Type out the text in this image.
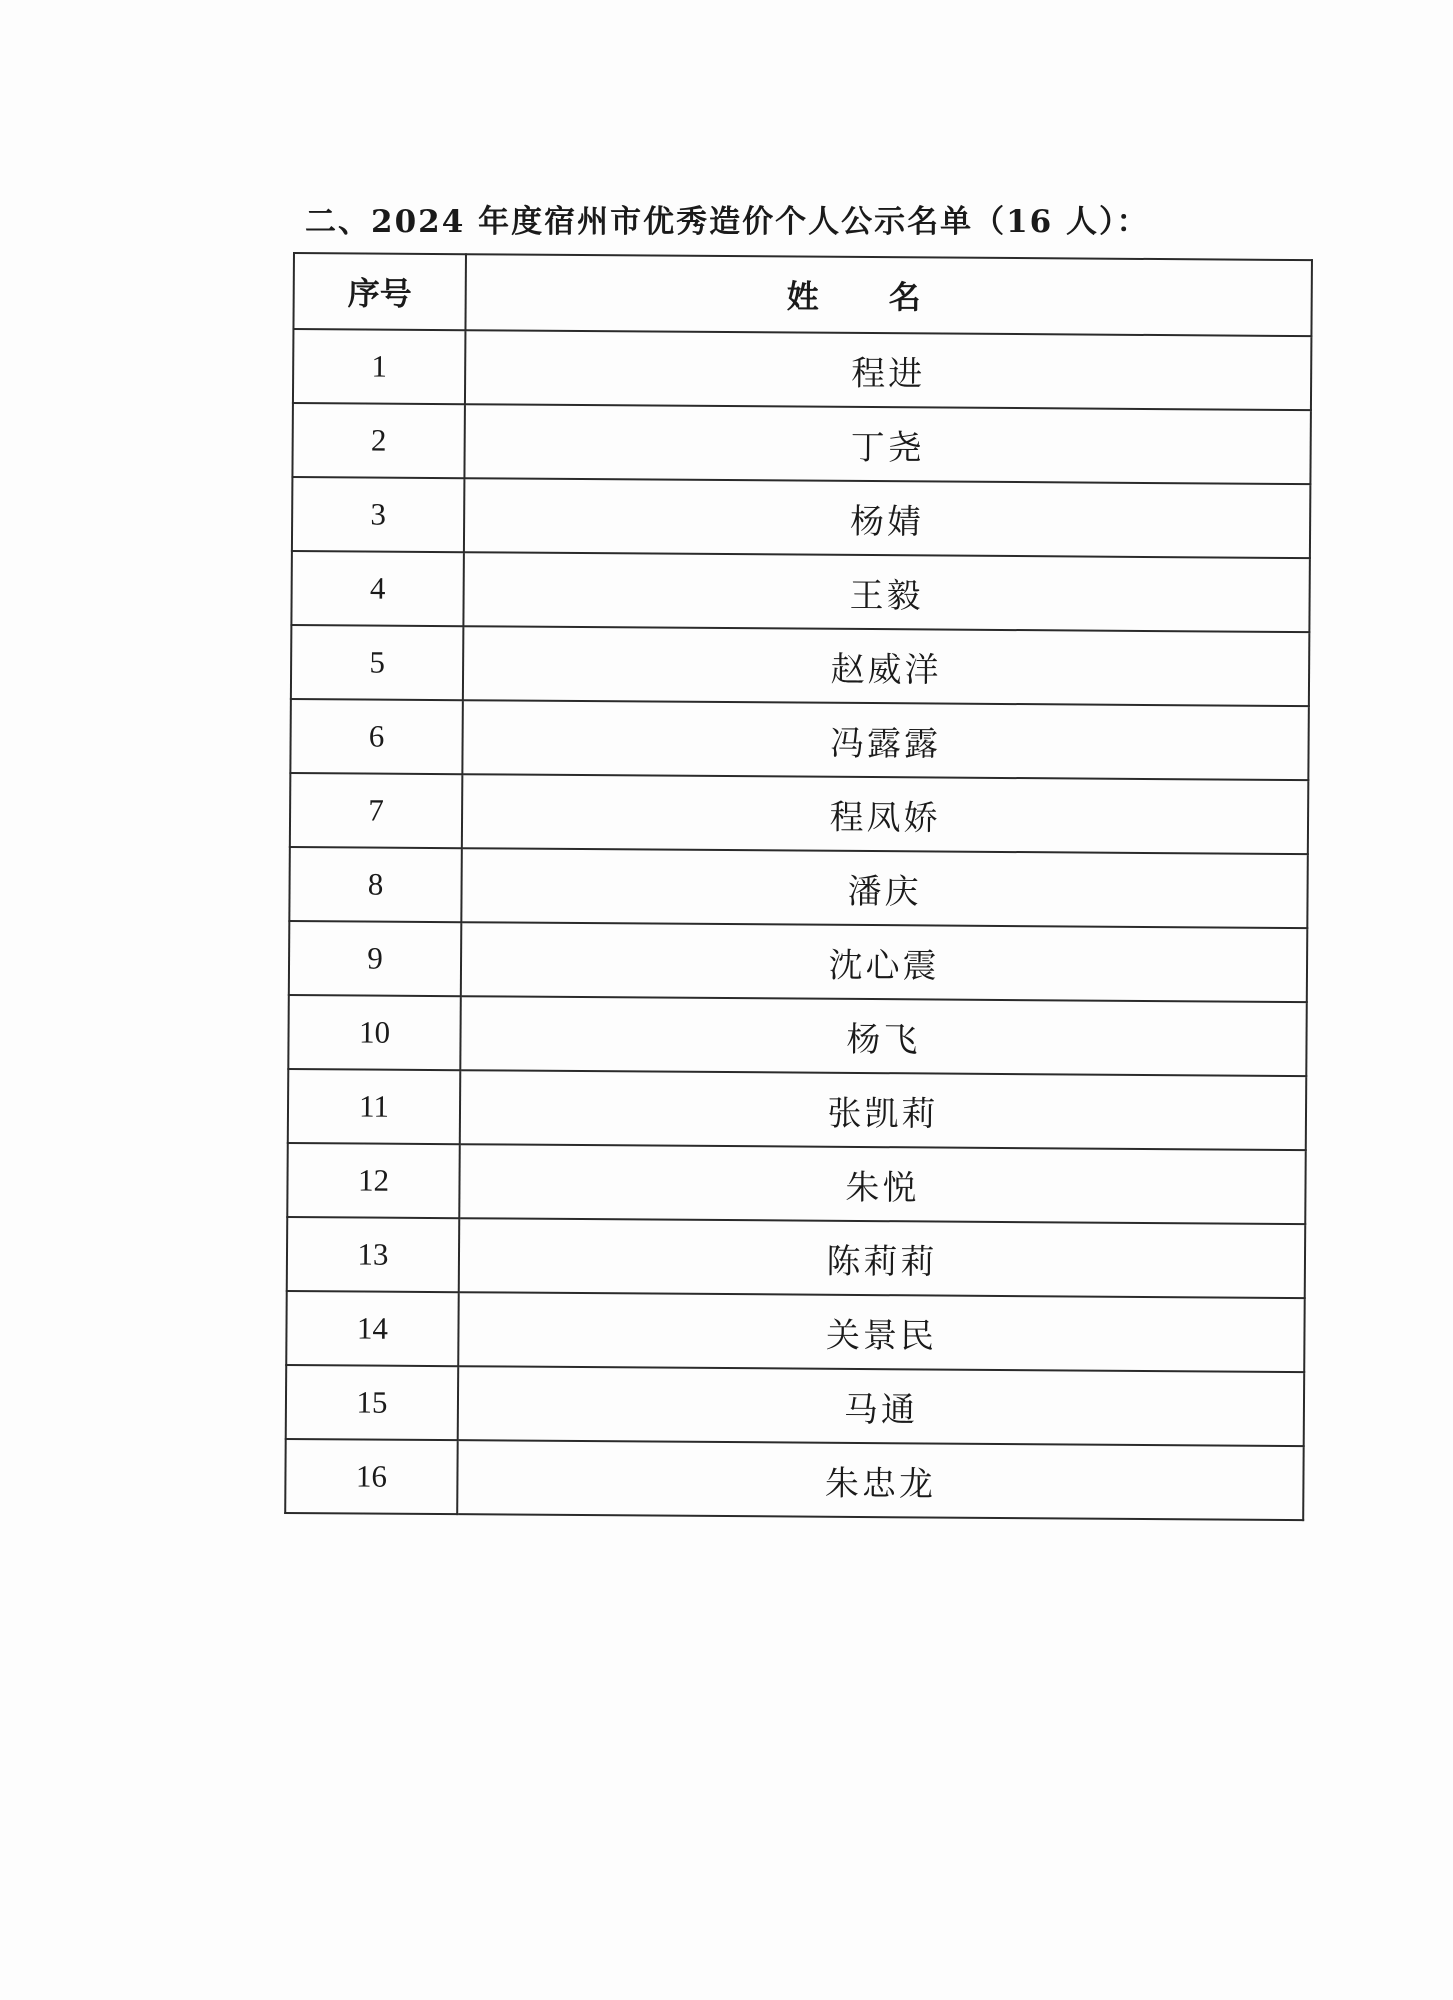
二、2024 年度宿州市优秀造价个人公示名单（16 人）：
序号	姓名
1	程进
2	丁尧
3	杨婧
4	王毅
5	赵威洋
6	冯露露
7	程凤娇
8	潘庆
9	沈心震
10	杨飞
11	张凯莉
12	朱悦
13	陈莉莉
14	关景民
15	马通
16	朱忠龙
